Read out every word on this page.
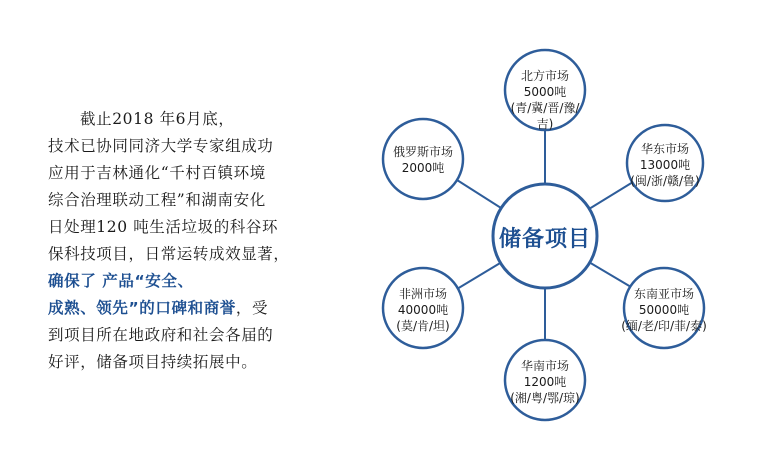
截止2018 年6月底，
技术已协同同济大学专家组成功
应用于吉林通化“千村百镇环境
综合治理联动工程”和湖南安化
日处理120 吨生活垃圾的科谷环
保科技项目，日常运转成效显著，
确保了 产品“安全、
成熟、领先”的口碑和商誉，受
到项目所在地政府和社会各届的
好评，储备项目持续拓展中。
储备项目
北方市场
5000吨
(青/冀/晋/豫/吉)
华东市场
13000吨
(闽/浙/赣/鲁)
东南亚市场
50000吨
(缅/老/印/菲/泰)
华南市场
1200吨
(湘/粤/鄂/琼)
非洲市场
40000吨
(莫/肯/坦)
俄罗斯市场
2000吨
